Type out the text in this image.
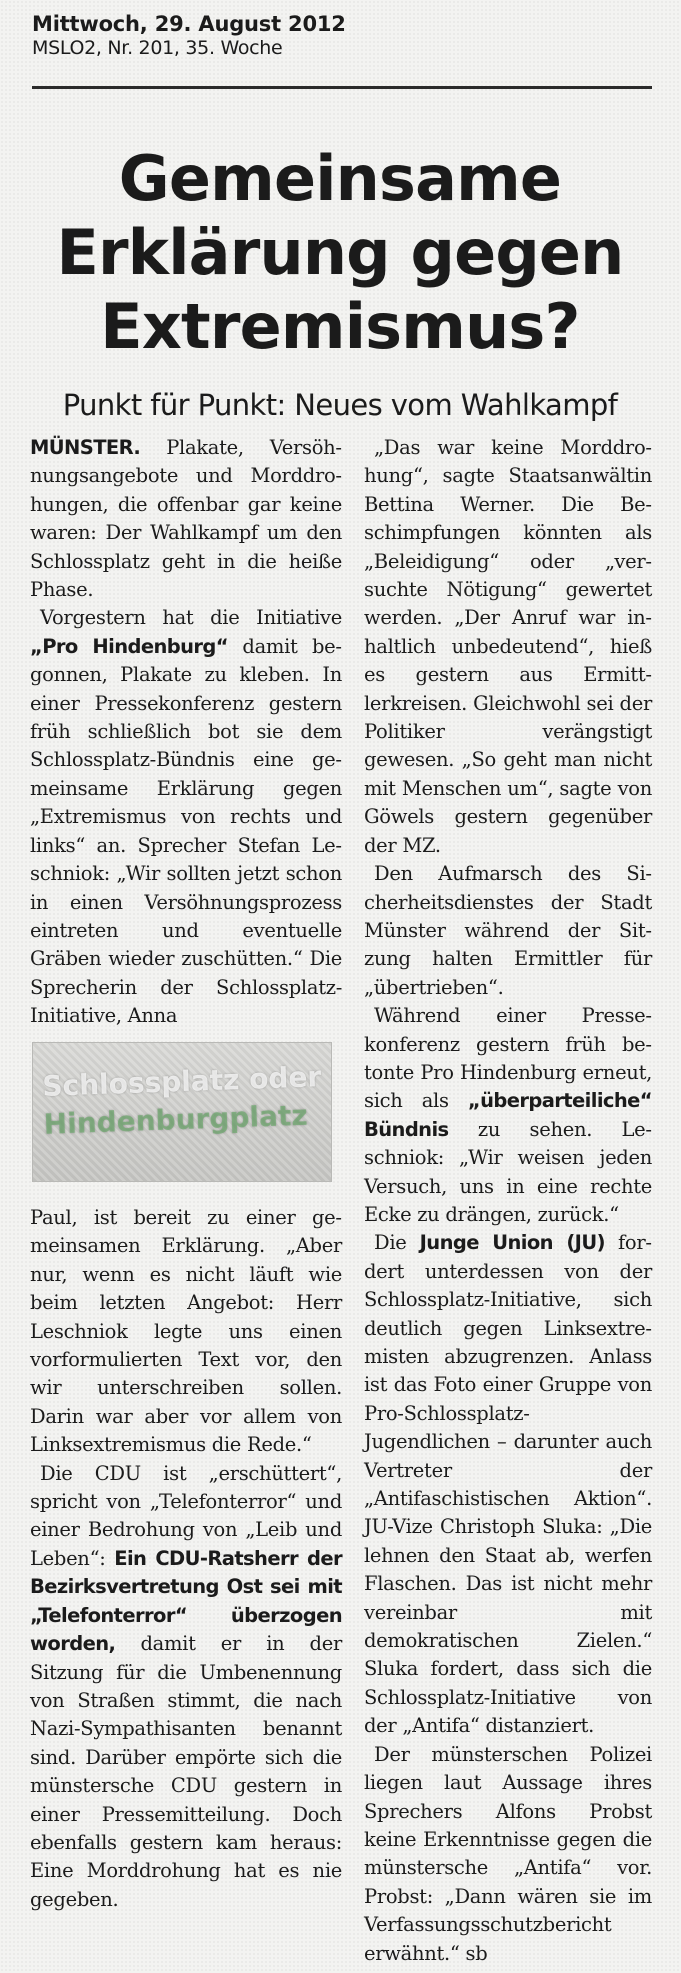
Mittwoch, 29. August 2012
MSLO2, Nr. 201, 35. Woche
Gemeinsame
Erklärung gegen
Extremismus?
Punkt für Punkt: Neues vom Wahlkampf

MÜNSTER. Plakate, Versöhnungsangebote und Morddrohungen, die offenbar gar keine waren: Der Wahlkampf um den Schlossplatz geht in die heiße Phase.

Vorgestern hat die Initiative „Pro Hindenburg“ damit begonnen, Plakate zu kleben. In einer Pressekonferenz gestern früh schließlich bot sie dem Schlossplatz-Bündnis eine gemeinsame Erklärung gegen „Extremismus von rechts und links“ an. Sprecher Stefan Leschniok: „Wir sollten jetzt schon in einen Versöhnungsprozess eintreten und eventuelle Gräben wieder zuschütten.“ Die Sprecherin der Schlossplatz-Initiative, Anna

Schlossplatz oder
Hindenburgplatz

Paul, ist bereit zu einer gemeinsamen Erklärung. „Aber nur, wenn es nicht läuft wie beim letzten Angebot: Herr Leschniok legte uns einen vorformulierten Text vor, den wir unterschreiben sollen. Darin war aber vor allem von Linksextremismus die Rede.“

Die CDU ist „erschüttert“, spricht von „Telefonterror“ und einer Bedrohung von „Leib und Leben“: Ein CDU-Ratsherr der Bezirksvertretung Ost sei mit „Telefonterror“ überzogen worden, damit er in der Sitzung für die Umbenennung von Straßen stimmt, die nach Nazi-Sympathisanten benannt sind. Darüber empörte sich die münstersche CDU gestern in einer Pressemitteilung. Doch ebenfalls gestern kam heraus: Eine Morddrohung hat es nie gegeben.

„Das war keine Morddrohung“, sagte Staatsanwältin Bettina Werner. Die Beschimpfungen könnten als „Beleidigung“ oder „versuchte Nötigung“ gewertet werden. „Der Anruf war inhaltlich unbedeutend“, hieß es gestern aus Ermittlerkreisen. Gleichwohl sei der Politiker verängstigt gewesen. „So geht man nicht mit Menschen um“, sagte von Göwels gestern gegenüber der MZ.

Den Aufmarsch des Sicherheitsdienstes der Stadt Münster während der Sitzung halten Ermittler für „übertrieben“.

Während einer Pressekonferenz gestern früh betonte Pro Hindenburg erneut, sich als „überparteiliche“ Bündnis zu sehen. Leschniok: „Wir weisen jeden Versuch, uns in eine rechte Ecke zu drängen, zurück.“

Die Junge Union (JU) fordert unterdessen von der Schlossplatz-Initiative, sich deutlich gegen Linksextremisten abzugrenzen. Anlass ist das Foto einer Gruppe von Pro-Schlossplatz-Jugendlichen – darunter auch Vertreter der „Antifaschistischen Aktion“. JU-Vize Christoph Sluka: „Die lehnen den Staat ab, werfen Flaschen. Das ist nicht mehr vereinbar mit demokratischen Zielen.“ Sluka fordert, dass sich die Schlossplatz-Initiative von der „Antifa“ distanziert.

Der münsterschen Polizei liegen laut Aussage ihres Sprechers Alfons Probst keine Erkenntnisse gegen die münstersche „Antifa“ vor. Probst: „Dann wären sie im Verfassungsschutzbericht erwähnt.“ sb
